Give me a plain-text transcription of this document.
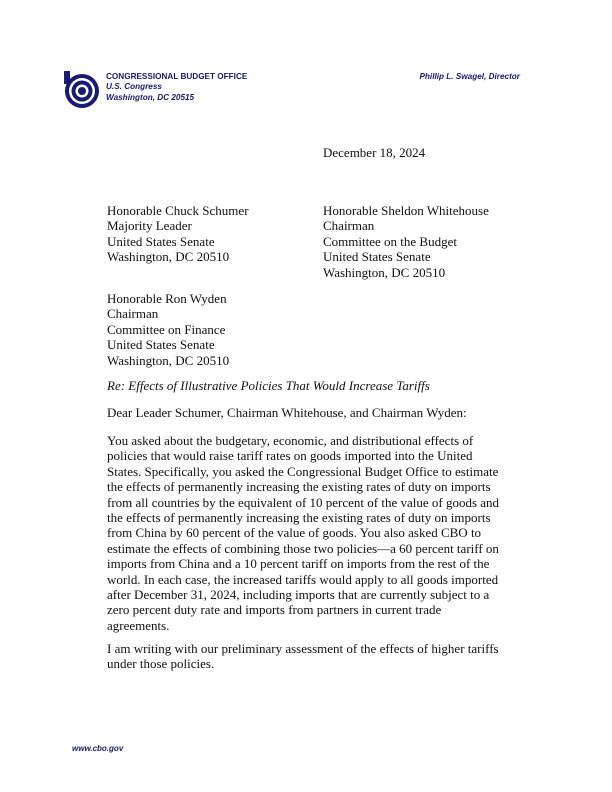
CONGRESSIONAL BUDGET OFFICE
U.S. Congress
Washington, DC 20515
Phillip L. Swagel, Director
December 18, 2024
Honorable Chuck Schumer
Majority Leader
United States Senate
Washington, DC 20510
Honorable Sheldon Whitehouse
Chairman
Committee on the Budget
United States Senate
Washington, DC 20510
Honorable Ron Wyden
Chairman
Committee on Finance
United States Senate
Washington, DC 20510
Re: Effects of Illustrative Policies That Would Increase Tariffs
Dear Leader Schumer, Chairman Whitehouse, and Chairman Wyden:
You asked about the budgetary, economic, and distributional effects of
policies that would raise tariff rates on goods imported into the United
States. Specifically, you asked the Congressional Budget Office to estimate
the effects of permanently increasing the existing rates of duty on imports
from all countries by the equivalent of 10 percent of the value of goods and
the effects of permanently increasing the existing rates of duty on imports
from China by 60 percent of the value of goods. You also asked CBO to
estimate the effects of combining those two policies—a 60 percent tariff on
imports from China and a 10 percent tariff on imports from the rest of the
world. In each case, the increased tariffs would apply to all goods imported
after December 31, 2024, including imports that are currently subject to a
zero percent duty rate and imports from partners in current trade
agreements.
I am writing with our preliminary assessment of the effects of higher tariffs
under those policies.
www.cbo.gov
